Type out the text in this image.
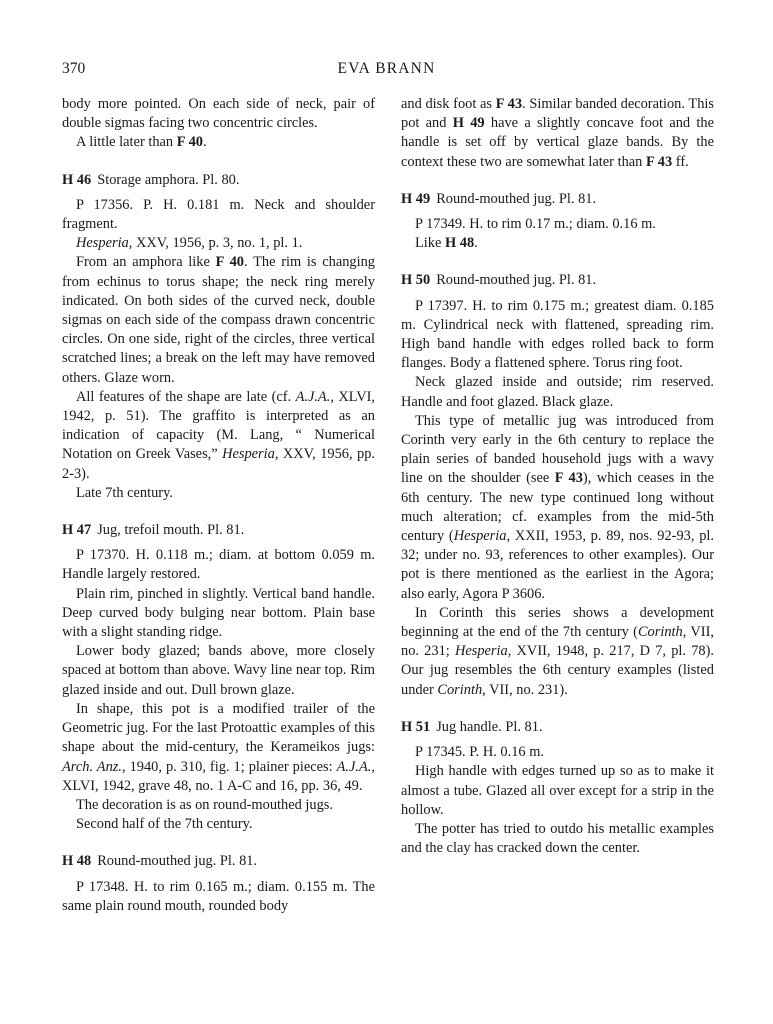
370	EVA BRANN

body more pointed. On each side of neck, pair of double sigmas facing two concentric circles.

A little later than F 40.

H 46 Storage amphora. Pl. 80.

P 17356. P. H. 0.181 m. Neck and shoulder fragment.

Hesperia, XXV, 1956, p. 3, no. 1, pl. 1.

From an amphora like F 40. The rim is changing from echinus to torus shape; the neck ring merely indicated. On both sides of the curved neck, double sigmas on each side of the compass drawn concentric circles. On one side, right of the circles, three vertical scratched lines; a break on the left may have removed others. Glaze worn.

All features of the shape are late (cf. A.J.A., XLVI, 1942, p. 51). The graffito is interpreted as an indication of capacity (M. Lang, “ Numerical Notation on Greek Vases,” Hesperia, XXV, 1956, pp. 2-3).

Late 7th century.

H 47 Jug, trefoil mouth. Pl. 81.

P 17370. H. 0.118 m.; diam. at bottom 0.059 m. Handle largely restored.

Plain rim, pinched in slightly. Vertical band handle. Deep curved body bulging near bottom. Plain base with a slight standing ridge.

Lower body glazed; bands above, more closely spaced at bottom than above. Wavy line near top. Rim glazed inside and out. Dull brown glaze.

In shape, this pot is a modified trailer of the Geometric jug. For the last Protoattic examples of this shape about the mid-century, the Kerameikos jugs: Arch. Anz., 1940, p. 310, fig. 1; plainer pieces: A.J.A., XLVI, 1942, grave 48, no. 1 A-C and 16, pp. 36, 49.

The decoration is as on round-mouthed jugs.

Second half of the 7th century.

H 48 Round-mouthed jug. Pl. 81.

P 17348. H. to rim 0.165 m.; diam. 0.155 m. The same plain round mouth, rounded body

and disk foot as F 43. Similar banded decoration. This pot and H 49 have a slightly concave foot and the handle is set off by vertical glaze bands. By the context these two are somewhat later than F 43 ff.

H 49 Round-mouthed jug. Pl. 81.

P 17349. H. to rim 0.17 m.; diam. 0.16 m.

Like H 48.

H 50 Round-mouthed jug. Pl. 81.

P 17397. H. to rim 0.175 m.; greatest diam. 0.185 m. Cylindrical neck with flattened, spreading rim. High band handle with edges rolled back to form flanges. Body a flattened sphere. Torus ring foot.

Neck glazed inside and outside; rim reserved. Handle and foot glazed. Black glaze.

This type of metallic jug was introduced from Corinth very early in the 6th century to replace the plain series of banded household jugs with a wavy line on the shoulder (see F 43), which ceases in the 6th century. The new type continued long without much alteration; cf. examples from the mid-5th century (Hesperia, XXII, 1953, p. 89, nos. 92-93, pl. 32; under no. 93, references to other examples). Our pot is there mentioned as the earliest in the Agora; also early, Agora P 3606.

In Corinth this series shows a development beginning at the end of the 7th century (Corinth, VII, no. 231; Hesperia, XVII, 1948, p. 217, D 7, pl. 78). Our jug resembles the 6th century examples (listed under Corinth, VII, no. 231).

H 51 Jug handle. Pl. 81.

P 17345. P. H. 0.16 m.

High handle with edges turned up so as to make it almost a tube. Glazed all over except for a strip in the hollow.

The potter has tried to outdo his metallic examples and the clay has cracked down the center.
